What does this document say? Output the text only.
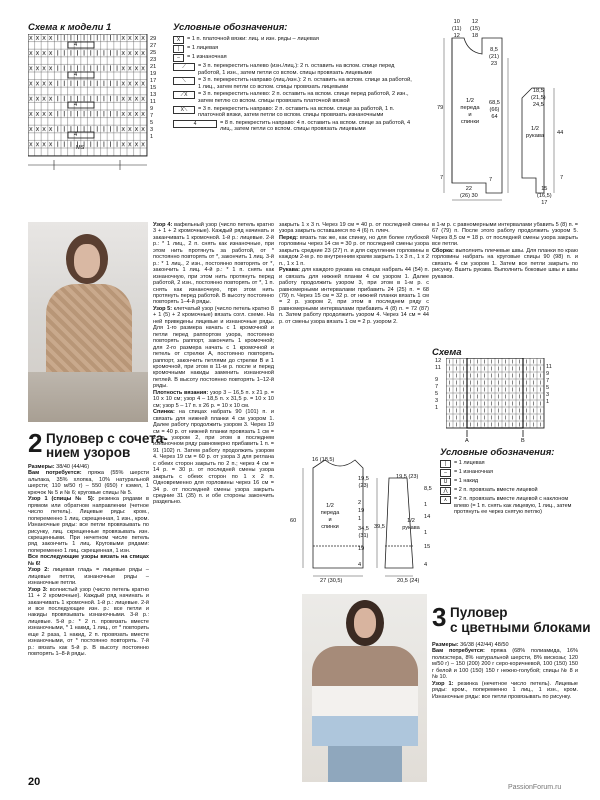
Схема к модели 1
MS
4
4
4
4
29
27
25
23
21
19
17
15
13
11
9
7
5
3
1
Условные обозначения:
X	= 1 п. платочной вязки: лиц. и изн. ряды – лицевая
|	= 1 лицевая
–	= 1 изнаночная
⟋	= 3 п. перекрестить налево (изн./лиц.): 2 п. оставить на вспом. спице перед работой, 1 изн., затем петли со вспом. спицы провязать лицевыми
⟍	= 3 п. перекрестить направо (лиц./изн.): 2 п. оставить на вспом. спице за работой, 1 лиц., затем петли со вспом. спицы провязать лицевыми
⟋X	= 3 п. перекрестить налево: 2 п. оставить на вспом. спице перед работой, 2 изн., затем петлю со вспом. спицы провязать платочной вязкой
X⟍	= 3 п. перекрестить направо: 2 п. оставить на вспом. спице за работой, 1 п. платочной вязки, затем петли со вспом. спицы провязать изнаночными
4	= 8 п. перекрестить направо: 4 п. оставить на вспом. спице за работой, 4 лиц., затем петли со вспом. спицы провязать лицевыми
10
(11)
12
12
(15)
18
8,5
(21)
23
79
68,5
(66)
64
22
(26) 30
7	7
1/2
переда
и
спинки
18,5
(21,5)
24,5
1/2
рукава	44
7
15
(16,5)
17
2 Пуловер с сочета-
нием узоров

Размеры: 38/40 (44/46)

Вам потребуется: пряжа (55% шерсти альпака, 35% хлопка, 10% натуральной шерсти; 110 м/50 г) – 550 (650) г кэмел, 1 крючок № 5 и № 6; круговые спицы № 5.

Узор 1 (спицы № 5): резинка рядами в прямом или обратном направлении (четное число петель). Лицевые ряды: кром., попеременно 1 лиц. скрещенная, 1 изн., кром. Изнаночные ряды: все петли провязывать по рисунку, лиц. скрещенные провязывать изн. скрещенными. При нечетном числе петель ряд закончить 1 лиц. Круговыми рядами: попеременно 1 лиц. скрещенная, 1 изн.

Все последующие узоры вязать на спицах № 6!

Узор 2: лицевая гладь = лицевые ряды – лицевые петли, изнаночные ряды – изнаночные петли.

Узор 3: волнистый узор (число петель кратно 11 + 2 кромочные). Каждый ряд начинать и заканчивать 1 кромочной. 1-й р.: лицевые. 2-й и все последующие изн. р.: все петли и накиды провязывать изнаночными. 3-й р.: лицевые. 5-й р.: * 2 п. провязать вместе изнаночными, * 1 накид, 1 лиц., от * повторить еще 2 раза, 1 накид, 2 п. провязать вместе изнаночными, от * постоянно повторять. 7-й р.: вязать как 5-й р. В высоту постоянно повторять 1–8-й ряды.

Узор 4: вафельный узор (число петель кратно 3 + 1 + 2 кромочные). Каждый ряд начинать и заканчивать 1 кромочной. 1-й р.: лицевые. 2-й р.: * 1 лиц., 2 п. снять как изнаночные, при этом нить протянуть за работой, от * постоянно повторять от *, закончить 1 лиц. 3-й р.: * 1 лиц., 2 изн., постоянно повторять от *, закончить 1 лиц. 4-й р.: * 1 п. снять как изнаночную, при этом нить протянуть перед работой, 2 изн., постоянно повторять от *, 1 п. снять как изнаночную, при этом нить протянуть перед работой. В высоту постоянно повторять 1–4-й ряды.

Узор 5: клетчатый узор (число петель кратно 8 + 1 (5) + 2 кромочные) вязать согл. схеме. На ней приведены лицевые и изнаночные ряды. Для 1-го размера начать с 1 кромочной и петли перед раппортом узора, постоянно повторять раппорт, закончить 1 кромочной; для 2-го размера начать с 1 кромочной и петель от стрелки А, постоянно повторять раппорт, закончить петлями до стрелки В и 1 кромочной, при этом в 11-м р. после и перед кромочными накиды заменить изнаночной петлей. В высоту постоянно повторять 1–12-й ряды.

Плотность вязания: узор 3 – 16,5 п. x 21 р. = 10 x 10 см; узор 4 – 18,5 п. x 31,5 р. = 10 x 10 см; узор 5 – 17 п. x 26 р. = 10 x 10 см.

Спинка: на спицах набрать 90 (101) п. и связать для нижней планки 4 см узором 1. Далее работу продолжить узором 3. Через 19 см = 40 р. от нижней планки провязать 1 см = 2 р. узором 2, при этом в последнем изнаночном ряду равномерно прибавить 1 п. = 91 (102) п. Затем работу продолжить узором 4. Через 19 см = 60 р. от узора 3 для реглана с обеих сторон закрыть по 2 п.; через 4 см = 14 р. = 30 р. от последней смены узора закрыть с обеих сторон по 1 x 2 п. Одновременно для горловины через 16 см = 34 р. от последней смены узора закрыть средние 31 (35) п. и обе стороны закончить раздельно.

закрыть 1 x 3 п. Через 19 см = 40 р. от последней смены узора закрыть оставшиеся по 4 (6) п. плеч.

Перед: вязать так же, как спинку, но для более глубокой горловины через 14 см = 30 р. от последней смены узора закрыть средние 23 (27) п. и для скругления горловины в каждом 2-м р. по внутренним краям закрыть 1 x 3 п., 1 x 2 п., 1 x 1 п.

Рукава: для каждого рукава на спицах набрать 44 (54) п. и связать для нижней планки 4 см узором 1. Далее работу продолжить узором 3, при этом в 1-м р. с равномерными интервалами прибавить 24 (25) п. = 68 (79) п. Через 15 см = 32 р. от нижней планки вязать 1 см = 2 р. узором 2, при этом в последнем ряду с равномерными интервалами прибавить 4 (8) п. = 72 (87) п. Затем работу продолжить узором 4. Через 14 см = 44 р. от смены узора вязать 1 см = 2 р. узором 2.

в 1-м р. с равномерными интервалами убавить 5 (8) п. = 67 (79) п. После этого работу продолжить узором 5. Через 8,5 см = 18 р. от последней смены узора закрыть все петли.

Сборка: выполнить плечевые швы. Для планки по краю горловины набрать на круговые спицы 90 (98) п. и связать 4 см узором 1. Затем все петли закрыть по рисунку. Вшить рукава. Выполнить боковые швы и швы рукавов.

Схема
12
11
9
7
5
3
1
11
9
7
5
3
1
A	B
Условные обозначения:
|	= 1 лицевая
–	= 1 изнаночная
U	= 1 накид
⋀	= 2 п. провязать вместе лицевой
⋏	= 2 п. провязать вместе лицевой с наклоном влево (= 1 п. снять как лицевую, 1 лиц., затем протянуть ее через снятую петлю)
16 (18,5)
1/2
переда
и
спинки
60
19,5
(23)
2
19
1
34,5
(31)
19
4
27 (30,5)
19,5 (23)
1/2
рукава
39,5
8,5
1
14
1
15
4
20,5 (24)
3 Пуловер
с цветными блоками

Размеры: 36/38 (42/44) 48/50

Вам потребуется: пряжа (68% полиамида, 16% полиэстера, 8% натуральной шерсти, 8% вискозы; 120 м/50 г) – 150 (200) 200 г серо-коричневой, 100 (150) 150 г белой и 100 (150) 150 г нежно-голубой; спицы № 8 и № 10.

Узор 1: резинка (нечетное число петель). Лицевые ряды: кром., попеременно 1 лиц., 1 изн., кром. Изнаночные ряды: все петли провязывать по рисунку.

20	PassionForum.ru
